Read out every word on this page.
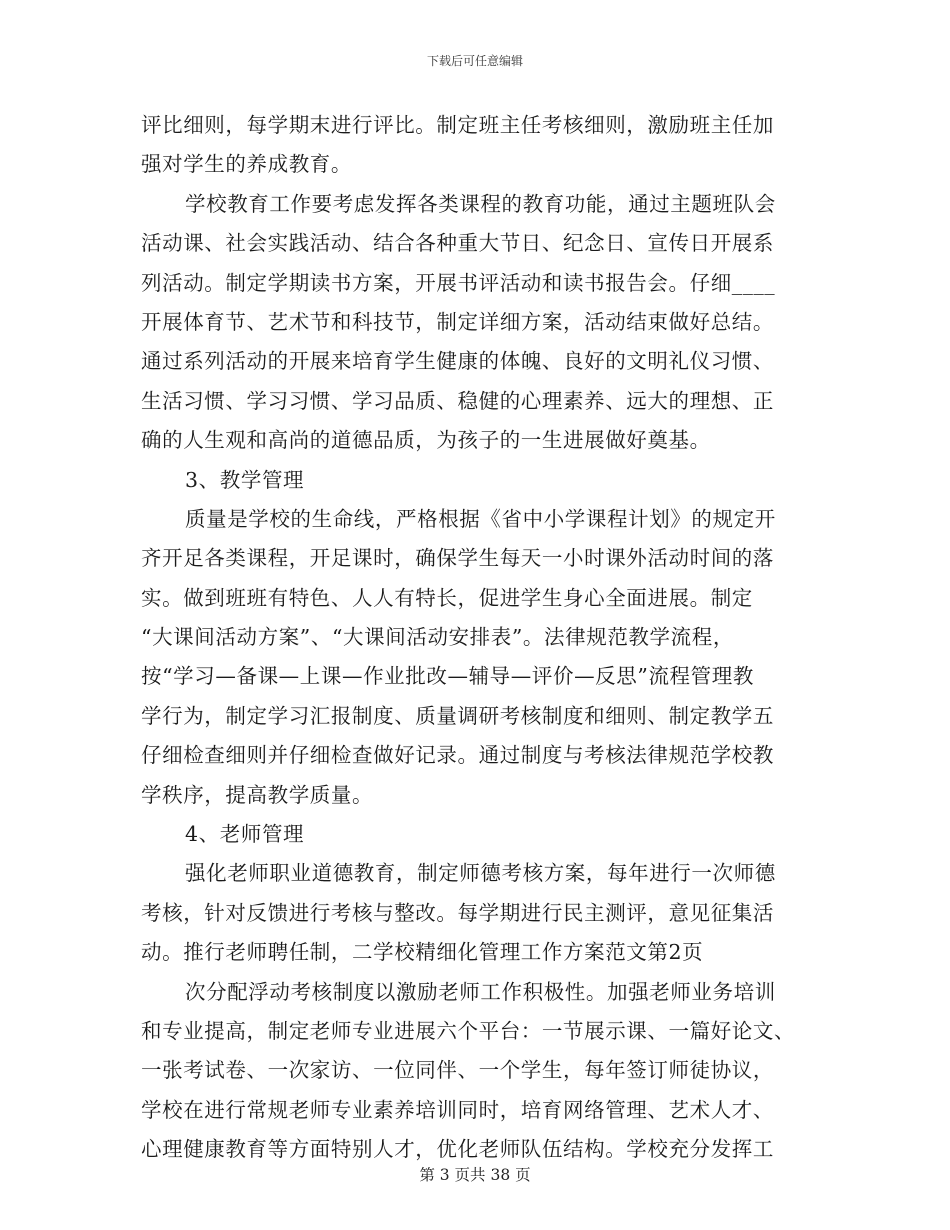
下载后可任意编辑
评比细则，每学期末进行评比。制定班主任考核细则，激励班主任加
强对学生的养成教育。
学校教育工作要考虑发挥各类课程的教育功能，通过主题班队会
活动课、社会实践活动、结合各种重大节日、纪念日、宣传日开展系
列活动。制定学期读书方案，开展书评活动和读书报告会。仔细____
开展体育节、艺术节和科技节，制定详细方案，活动结束做好总结。
通过系列活动的开展来培育学生健康的体魄、良好的文明礼仪习惯、
生活习惯、学习习惯、学习品质、稳健的心理素养、远大的理想、正
确的人生观和高尚的道德品质，为孩子的一生进展做好奠基。
3、教学管理
质量是学校的生命线，严格根据《省中小学课程计划》的规定开
齐开足各类课程，开足课时，确保学生每天一小时课外活动时间的落
实。做到班班有特色、人人有特长，促进学生身心全面进展。制定
“大课间活动方案”、“大课间活动安排表”。法律规范教学流程，
按“学习—备课—上课—作业批改—辅导—评价—反思”流程管理教
学行为，制定学习汇报制度、质量调研考核制度和细则、制定教学五
仔细检查细则并仔细检查做好记录。通过制度与考核法律规范学校教
学秩序，提高教学质量。
4、老师管理
强化老师职业道德教育，制定师德考核方案，每年进行一次师德
考核，针对反馈进行考核与整改。每学期进行民主测评，意见征集活
动。推行老师聘任制，二学校精细化管理工作方案范文第2页
次分配浮动考核制度以激励老师工作积极性。加强老师业务培训
和专业提高，制定老师专业进展六个平台：一节展示课、一篇好论文、
一张考试卷、一次家访、一位同伴、一个学生，每年签订师徒协议，
学校在进行常规老师专业素养培训同时，培育网络管理、艺术人才、
心理健康教育等方面特别人才，优化老师队伍结构。学校充分发挥工
第 3 页共 38 页
